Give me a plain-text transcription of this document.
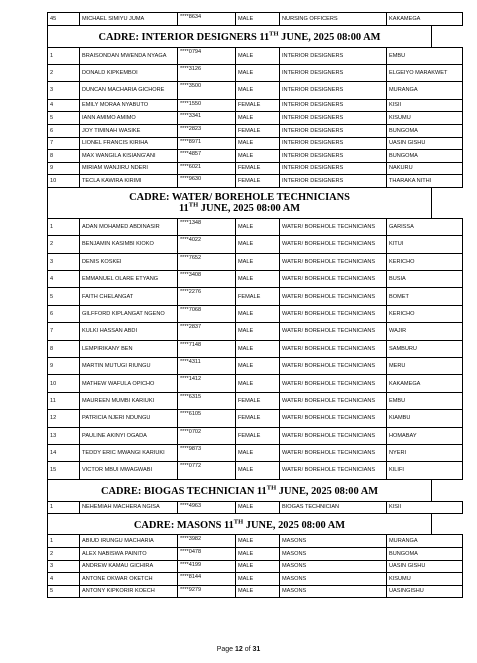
45	MICHAEL SIMIYU JUMA	****8634	MALE	NURSING OFFICERS	KAKAMEGA
CADRE: INTERIOR DESIGNERS 11TH JUNE, 2025 08:00 AM
1	BRAISONDAN MWENDA NYAGA	****0794	MALE	INTERIOR DESIGNERS	EMBU
2	DONALD KIPKEMBOI	****3126	MALE	INTERIOR DESIGNERS	ELGEIYO MARAKWET
3	DUNCAN MACHARIA GICHORE	****3500	MALE	INTERIOR DESIGNERS	MURANGA
4	EMILY MORAA NYABUTO	****1550	FEMALE	INTERIOR DESIGNERS	KISII
5	IANN AMIMO AMIMO	****3341	MALE	INTERIOR DESIGNERS	KISUMU
6	JOY TIMINAH WASIKE	****2823	FEMALE	INTERIOR DESIGNERS	BUNGOMA
7	LIONEL FRANCIS KIRIHA	****8971	MALE	INTERIOR DESIGNERS	UASIN GISHU
8	MAX WANGILA KISIANG'ANI	****4857	MALE	INTERIOR DESIGNERS	BUNGOMA
9	MIRIAM WANJIRU NDERI	****6021	FEMALE	INTERIOR DESIGNERS	NAKURU
10	TECLA KAWIRA KIRIMI	****9630	FEMALE	INTERIOR DESIGNERS	THARAKA NITHI
CADRE: WATER/ BOREHOLE TECHNICIANS
11TH JUNE, 2025 08:00 AM
1	ADAN MOHAMED ABDINASIR	****1348	MALE	WATER/ BOREHOLE TECHNICIANS	GARISSA
2	BENJAMIN KASIMBI KIOKO	****4022	MALE	WATER/ BOREHOLE TECHNICIANS	KITUI
3	DENIS KOSKEI	****7652	MALE	WATER/ BOREHOLE TECHNICIANS	KERICHO
4	EMMANUEL OLARE ETYANG	****3408	MALE	WATER/ BOREHOLE TECHNICIANS	BUSIA
5	FAITH CHELANGAT	****2276	FEMALE	WATER/ BOREHOLE TECHNICIANS	BOMET
6	GILFFORD KIPLANGAT NGENO	****7068	MALE	WATER/ BOREHOLE TECHNICIANS	KERICHO
7	KULKI HASSAN ABDI	****2837	MALE	WATER/ BOREHOLE TECHNICIANS	WAJIR
8	LEMPIRIKANY BEN	****7148	MALE	WATER/ BOREHOLE TECHNICIANS	SAMBURU
9	MARTIN MUTUGI RIUNGU	****4311	MALE	WATER/ BOREHOLE TECHNICIANS	MERU
10	MATHEW WAFULA OPICHO	****1412	MALE	WATER/ BOREHOLE TECHNICIANS	KAKAMEGA
11	MAUREEN MUMBI KARIUKI	****6315	FEMALE	WATER/ BOREHOLE TECHNICIANS	EMBU
12	PATRICIA NJERI NDUNGU	****6105	FEMALE	WATER/ BOREHOLE TECHNICIANS	KIAMBU
13	PAULINE AKINYI OGADA	****0702	FEMALE	WATER/ BOREHOLE TECHNICIANS	HOMABAY
14	TEDDY ERIC MWANGI KARIUKI	****9873	MALE	WATER/ BOREHOLE TECHNICIANS	NYERI
15	VICTOR MBUI MWAGWABI	****0772	MALE	WATER/ BOREHOLE TECHNICIANS	KILIFI
CADRE: BIOGAS TECHNICIAN 11TH JUNE, 2025 08:00 AM
1	NEHEMIAH MACHERA NGISA	****4963	MALE	BIOGAS TECHNICIAN	KISII
CADRE: MASONS 11TH JUNE, 2025 08:00 AM
1	ABIUD IRUNGU MACHARIA	****3982	MALE	MASONS	MURANGA
2	ALEX NABISWA PAINITO	****0478	MALE	MASONS	BUNGOMA
3	ANDREW KAMAU GICHIRA	****4199	MALE	MASONS	UASIN GISHU
4	ANTONE OKWAR OKETCH	****8144	MALE	MASONS	KISUMU
5	ANTONY KIPKORIR KOECH	****9279	MALE	MASONS	UASINGISHU
Page 12 of 31
